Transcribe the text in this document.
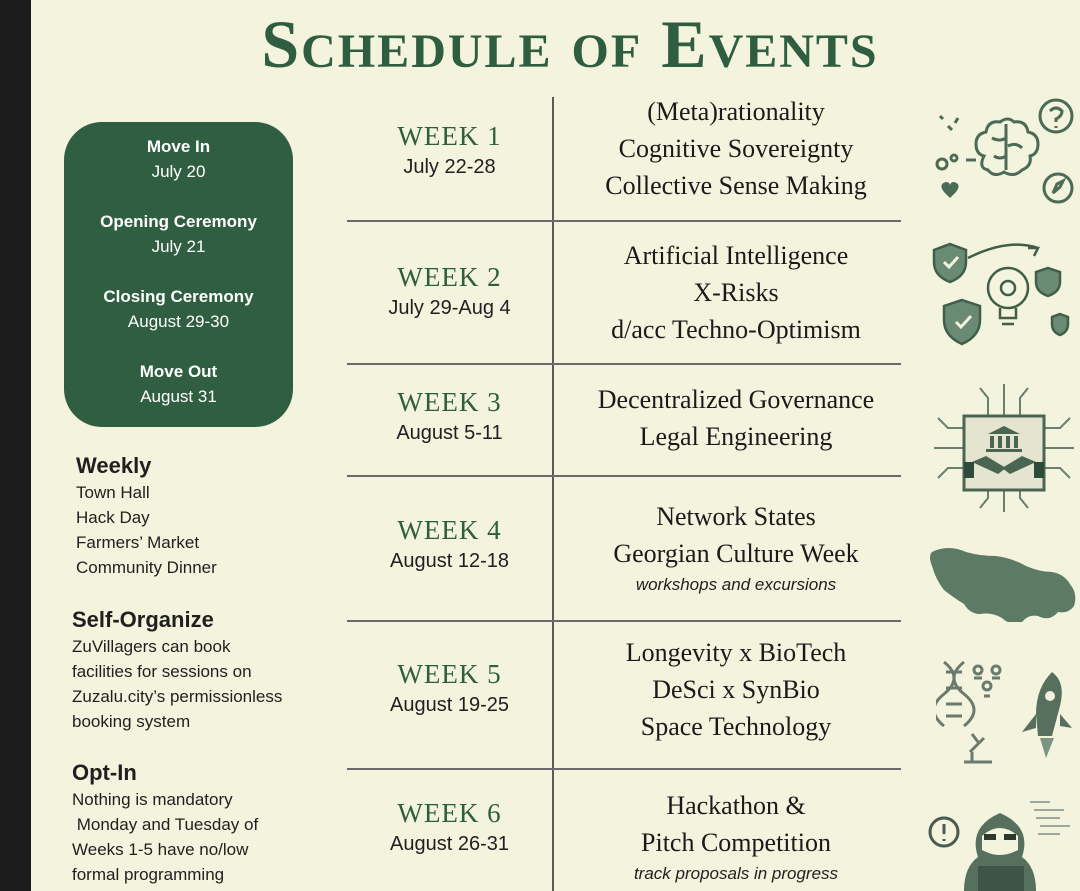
Schedule of Events
Move In
July 20
Opening Ceremony
July 21
Closing Ceremony
August 29-30
Move Out
August 31
Weekly
Town Hall
Hack Day
Farmers’ Market
Community Dinner
Self-Organize
ZuVillagers can book
facilities for sessions on
Zuzalu.city’s permissionless
booking system
Opt-In
Nothing is mandatory
Monday and Tuesday of
Weeks 1-5 have no/low
formal programming
WEEK 1
July 22-28
(Meta)rationality
Cognitive Sovereignty
Collective Sense Making
WEEK 2
July 29-Aug 4
Artificial Intelligence
X-Risks
d/acc Techno-Optimism
WEEK 3
August 5-11
Decentralized Governance
Legal Engineering
WEEK 4
August 12-18
Network States
Georgian Culture Week
workshops and excursions
WEEK 5
August 19-25
Longevity x BioTech
DeSci x SynBio
Space Technology
WEEK 6
August 26-31
Hackathon &
Pitch Competition
track proposals in progress
